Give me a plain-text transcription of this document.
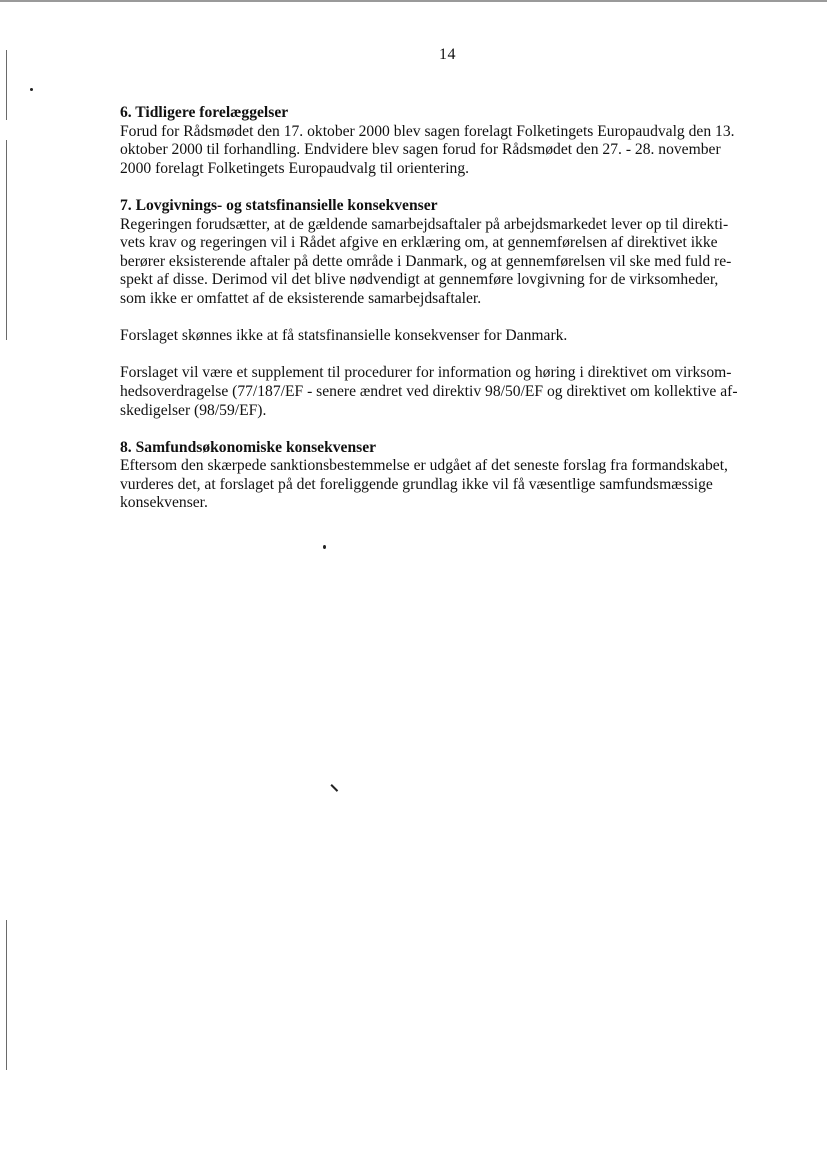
14

6. Tidligere forelæggelser

Forud for Rådsmødet den 17. oktober 2000 blev sagen forelagt Folketingets Europaudvalg den 13.
oktober 2000 til forhandling. Endvidere blev sagen forud for Rådsmødet den 27. - 28. november
2000 forelagt Folketingets Europaudvalg til orientering.

7. Lovgivnings- og statsfinansielle konsekvenser

Regeringen forudsætter, at de gældende samarbejdsaftaler på arbejdsmarkedet lever op til direkti-
vets krav og regeringen vil i Rådet afgive en erklæring om, at gennemførelsen af direktivet ikke
berører eksisterende aftaler på dette område i Danmark, og at gennemførelsen vil ske med fuld re-
spekt af disse. Derimod vil det blive nødvendigt at gennemføre lovgivning for de virksomheder,
som ikke er omfattet af de eksisterende samarbejdsaftaler.

Forslaget skønnes ikke at få statsfinansielle konsekvenser for Danmark.

Forslaget vil være et supplement til procedurer for information og høring i direktivet om virksom-
hedsoverdragelse (77/187/EF - senere ændret ved direktiv 98/50/EF og direktivet om kollektive af-
skedigelser (98/59/EF).

8. Samfundsøkonomiske konsekvenser

Eftersom den skærpede sanktionsbestemmelse er udgået af det seneste forslag fra formandskabet,
vurderes det, at forslaget på det foreliggende grundlag ikke vil få væsentlige samfundsmæssige
konsekvenser.
